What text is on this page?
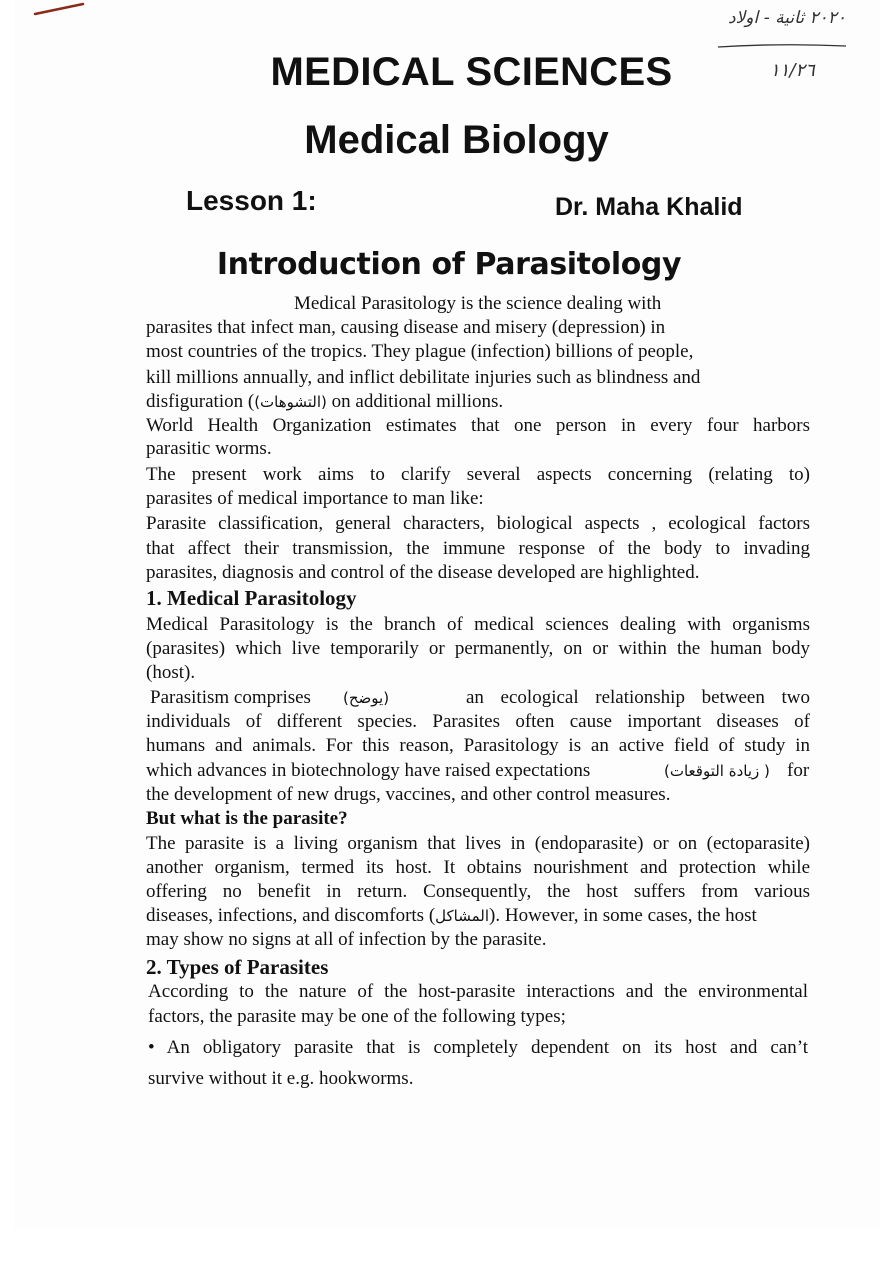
٢٠٢٠ ثانية - اولاد
١١/٢٦
MEDICAL SCIENCES
Medical Biology
Lesson 1:	Dr. Maha Khalid
Introduction of Parasitology
Medical Parasitology is the science dealing with
parasites that infect man, causing disease and misery (depression) in
most countries of the tropics. They plague (infection) billions of people,
kill millions annually, and inflict debilitate injuries such as blindness and
disfiguration ((التشوهات) on additional millions.
World Health Organization estimates that one person in every four harbors
parasitic worms.
The present work aims to clarify several aspects concerning (relating to)
parasites of medical importance to man like:
Parasite classification, general characters, biological aspects , ecological factors
that affect their transmission, the immune response of the body to invading
parasites, diagnosis and control of the disease developed are highlighted.
1. Medical Parasitology
Medical Parasitology is the branch of medical sciences dealing with organisms
(parasites) which live temporarily or permanently, on or within the human body
(host).
Parasitism comprises (يوضح)	an ecological relationship between two
individuals of different species. Parasites often cause important diseases of
humans and animals. For this reason, Parasitology is an active field of study in
which advances in biotechnology have raised expectations	( زيادة التوقعات) for
the development of new drugs, vaccines, and other control measures.
But what is the parasite?
The parasite is a living organism that lives in (endoparasite) or on (ectoparasite)
another organism, termed its host. It obtains nourishment and protection while
offering no benefit in return. Consequently, the host suffers from various
diseases, infections, and discomforts (المشاكل). However, in some cases, the host
may show no signs at all of infection by the parasite.
2. Types of Parasites
According to the nature of the host-parasite interactions and the environmental
factors, the parasite may be one of the following types;
• An obligatory parasite that is completely dependent on its host and can’t
survive without it e.g. hookworms.
